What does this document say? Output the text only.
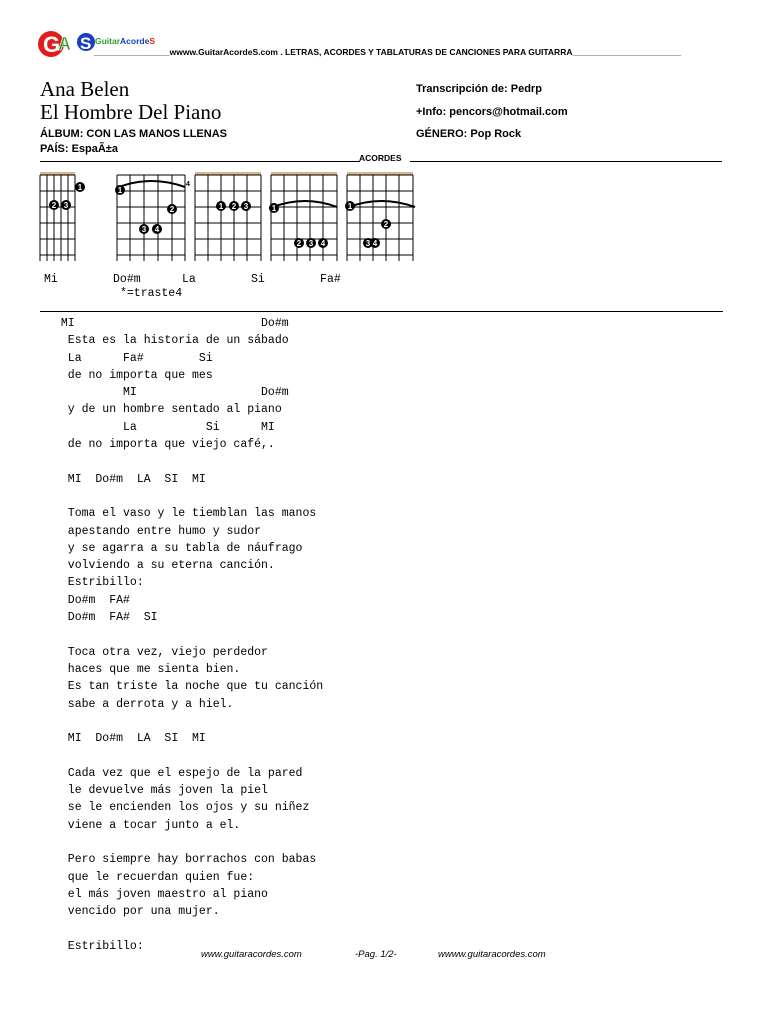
G
A S GuitarAcordeS
________________wwww.GuitarAcordeS.com . LETRAS, ACORDES Y TABLATURAS DE CANCIONES PARA GUITARRA_______________________
Ana Belen
El Hombre Del Piano
Transcripción de: Pedrp
+Info: pencors@hotmail.com
ÁLBUM: CON LAS MANOS LLENAS	GÉNERO: Pop Rock
PAÍS: EspaÃ±a
ACORDES
1
2 3
1
2
3 4
4
1 2 3	1
2 3 4
1
2
3 4
Mi        Do#m      La        Si        Fa#
*=traste4
MI                           Do#m
Esta es la historia de un sábado
La      Fa#        Si
de no importa que mes
MI                  Do#m
y de un hombre sentado al piano
La          Si      MI
de no importa que viejo café,.
MI  Do#m  LA  SI  MI
Toma el vaso y le tiemblan las manos
apestando entre humo y sudor
y se agarra a su tabla de náufrago
volviendo a su eterna canción.
Estribillo:
Do#m  FA#
Do#m  FA#  SI
Toca otra vez, viejo perdedor
haces que me sienta bien.
Es tan triste la noche que tu canción
sabe a derrota y a hiel.
MI  Do#m  LA  SI  MI
Cada vez que el espejo de la pared
le devuelve más joven la piel
se le encienden los ojos y su niñez
viene a tocar junto a el.
Pero siempre hay borrachos con babas
que le recuerdan quien fue:
el más joven maestro al piano
vencido por una mujer.
Estribillo:
www.guitaracordes.com	-Pag. 1/2-	wwww.guitaracordes.com
